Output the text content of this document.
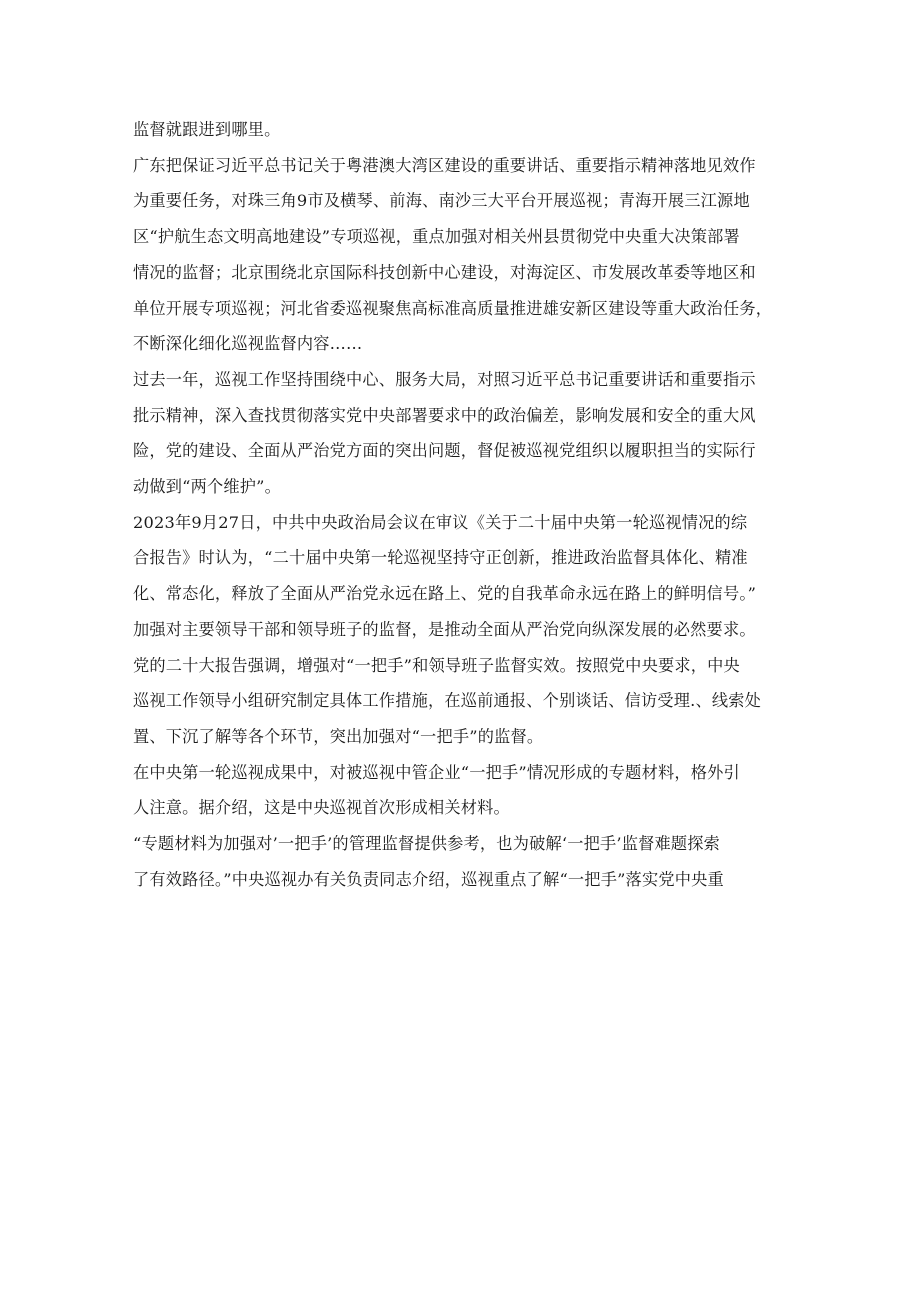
监督就跟进到哪里。

广东把保证习近平总书记关于粤港澳大湾区建设的重要讲话、重要指示精神落地见效作

为重要任务，对珠三角9市及横琴、前海、南沙三大平台开展巡视；青海开展三江源地

区“护航生态文明高地建设”专项巡视，重点加强对相关州县贯彻党中央重大决策部署

情况的监督；北京围绕北京国际科技创新中心建设，对海淀区、市发展改革委等地区和

单位开展专项巡视；河北省委巡视聚焦高标准高质量推进雄安新区建设等重大政治任务，

不断深化细化巡视监督内容……

过去一年，巡视工作坚持围绕中心、服务大局，对照习近平总书记重要讲话和重要指示

批示精神，深入查找贯彻落实党中央部署要求中的政治偏差，影响发展和安全的重大风

险，党的建设、全面从严治党方面的突出问题，督促被巡视党组织以履职担当的实际行

动做到“两个维护”。

2023年9月27日，中共中央政治局会议在审议《关于二十届中央第一轮巡视情况的综

合报告》时认为，“二十届中央第一轮巡视坚持守正创新，推进政治监督具体化、精准

化、常态化，释放了全面从严治党永远在路上、党的自我革命永远在路上的鲜明信号。”

加强对主要领导干部和领导班子的监督，是推动全面从严治党向纵深发展的必然要求。

党的二十大报告强调，增强对“一把手”和领导班子监督实效。按照党中央要求，中央

巡视工作领导小组研究制定具体工作措施，在巡前通报、个别谈话、信访受理.、线索处

置、下沉了解等各个环节，突出加强对“一把手”的监督。

在中央第一轮巡视成果中，对被巡视中管企业“一把手”情况形成的专题材料，格外引

人注意。据介绍，这是中央巡视首次形成相关材料。

“专题材料为加强对’一把手’的管理监督提供参考，也为破解‘一把手’监督难题探索

了有效路径。”中央巡视办有关负责同志介绍，巡视重点了解“一把手”落实党中央重
